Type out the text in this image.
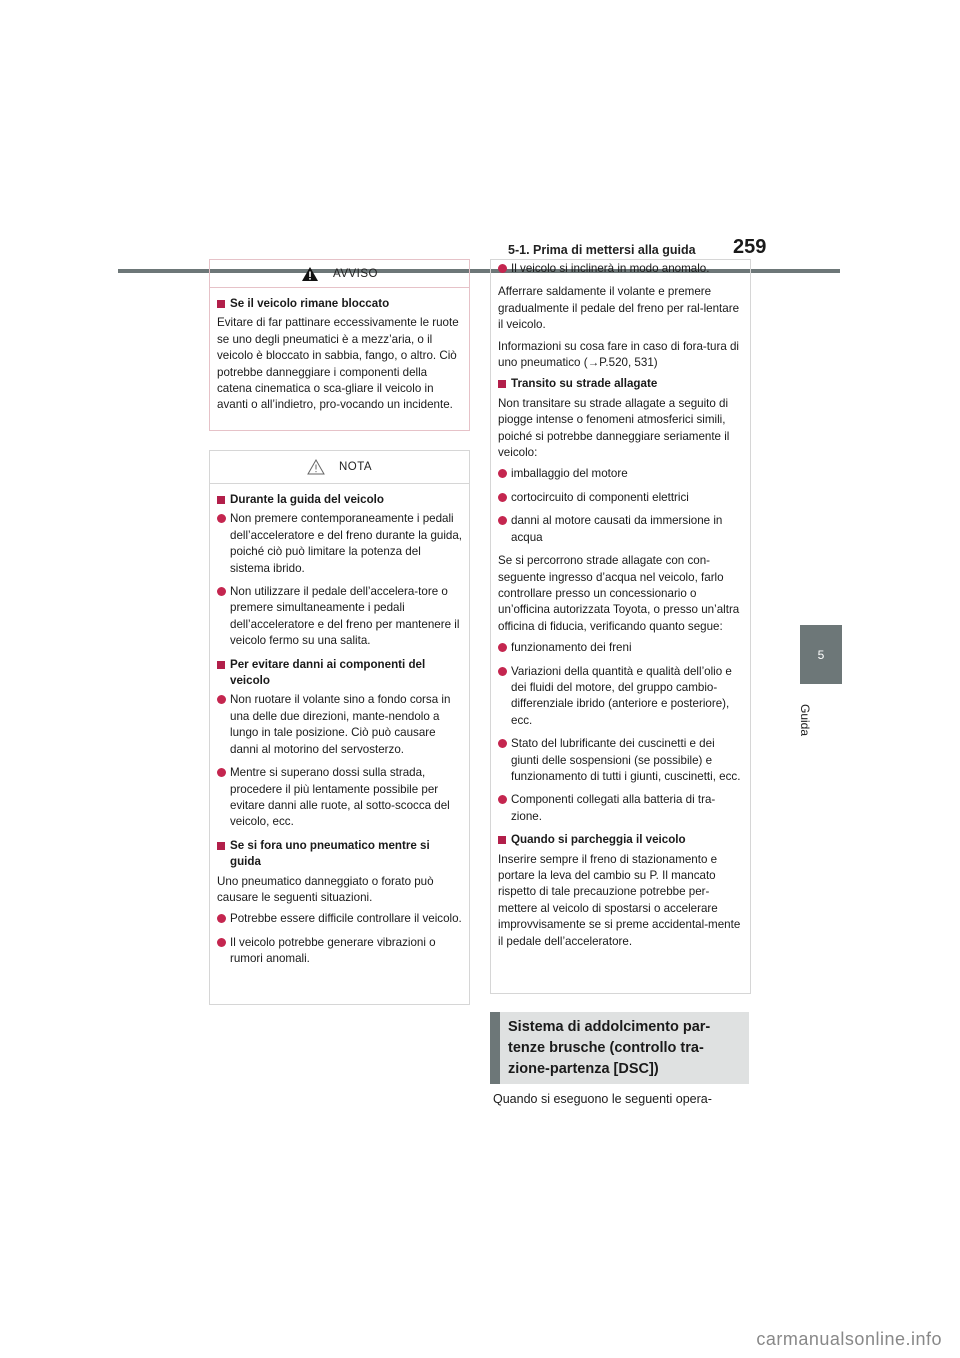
5-1. Prima di mettersi alla guida 259
5
Guida
AVVISO
Se il veicolo rimane bloccato
Evitare di far pattinare eccessivamente le ruote se uno degli pneumatici è a mezz’aria, o il veicolo è bloccato in sabbia, fango, o altro. Ciò potrebbe danneggiare i componenti della catena cinematica o sca-gliare il veicolo in avanti o all’indietro, pro-vocando un incidente.
NOTA
Durante la guida del veicolo
Non premere contemporaneamente i pedali dell’acceleratore e del freno durante la guida, poiché ciò può limitare la potenza del sistema ibrido.
Non utilizzare il pedale dell’accelera-tore o premere simultaneamente i pedali dell’acceleratore e del freno per mantenere il veicolo fermo su una salita.
Per evitare danni ai componenti del veicolo
Non ruotare il volante sino a fondo corsa in una delle due direzioni, mante-nendolo a lungo in tale posizione. Ciò può causare danni al motorino del servosterzo.
Mentre si superano dossi sulla strada, procedere il più lentamente possibile per evitare danni alle ruote, al sotto-scocca del veicolo, ecc.
Se si fora uno pneumatico mentre si guida
Uno pneumatico danneggiato o forato può causare le seguenti situazioni.
Potrebbe essere difficile controllare il veicolo.
Il veicolo potrebbe generare vibrazioni o rumori anomali.
Il veicolo si inclinerà in modo anomalo.
Afferrare saldamente il volante e premere gradualmente il pedale del freno per ral-lentare il veicolo.
Informazioni su cosa fare in caso di fora-tura di uno pneumatico (→P.520, 531)
Transito su strade allagate
Non transitare su strade allagate a seguito di piogge intense o fenomeni atmosferici simili, poiché si potrebbe danneggiare seriamente il veicolo:
imballaggio del motore
cortocircuito di componenti elettrici
danni al motore causati da immersione in acqua
Se si percorrono strade allagate con con-seguente ingresso d’acqua nel veicolo, farlo controllare presso un concessionario o un’officina autorizzata Toyota, o presso un’altra officina di fiducia, verificando quanto segue:
funzionamento dei freni
Variazioni della quantità e qualità dell’olio e dei fluidi del motore, del gruppo cambio-differenziale ibrido (anteriore e posteriore), ecc.
Stato del lubrificante dei cuscinetti e dei giunti delle sospensioni (se possibile) e funzionamento di tutti i giunti, cuscinetti, ecc.
Componenti collegati alla batteria di tra-zione.
Quando si parcheggia il veicolo
Inserire sempre il freno di stazionamento e portare la leva del cambio su P. Il mancato rispetto di tale precauzione potrebbe per-mettere al veicolo di spostarsi o accelerare improvvisamente se si preme accidental-mente il pedale dell’acceleratore.
Sistema di addolcimento par-tenze brusche (controllo tra-zione-partenza [DSC])
Quando si eseguono le seguenti opera-
carmanualsonline.info
